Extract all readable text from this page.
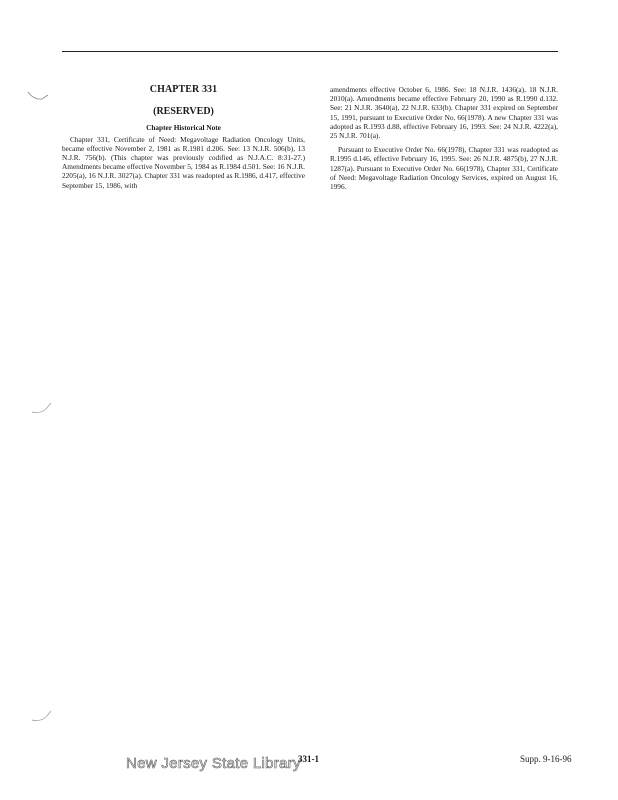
CHAPTER 331
(RESERVED)
Chapter Historical Note

Chapter 331, Certificate of Need: Megavoltage Radiation Oncology Units, became effective November 2, 1981 as R.1981 d.206. See: 13 N.J.R. 506(b), 13 N.J.R. 756(b). (This chapter was previously codified as N.J.A.C. 8:31-27.) Amendments became effective November 5, 1984 as R.1984 d.501. See: 16 N.J.R. 2205(a), 16 N.J.R. 3027(a). Chapter 331 was readopted as R.1986, d.417, effective September 15, 1986, with

amendments effective October 6, 1986. See: 18 N.J.R. 1436(a), 18 N.J.R. 2010(a). Amendments became effective February 20, 1990 as R.1990 d.132. See: 21 N.J.R. 3640(a), 22 N.J.R. 633(b). Chapter 331 expired on September 15, 1991, pursuant to Executive Order No. 66(1978). A new Chapter 331 was adopted as R.1993 d.88, effective February 16, 1993. See: 24 N.J.R. 4222(a), 25 N.J.R. 701(a).

Pursuant to Executive Order No. 66(1978), Chapter 331 was readopted as R.1995 d.146, effective February 16, 1995. See: 26 N.J.R. 4875(b), 27 N.J.R. 1287(a). Pursuant to Executive Order No. 66(1978), Chapter 331, Certificate of Need: Megavoltage Radiation Oncology Services, expired on August 16, 1996.

New Jersey State Library
331-1	Supp. 9-16-96
